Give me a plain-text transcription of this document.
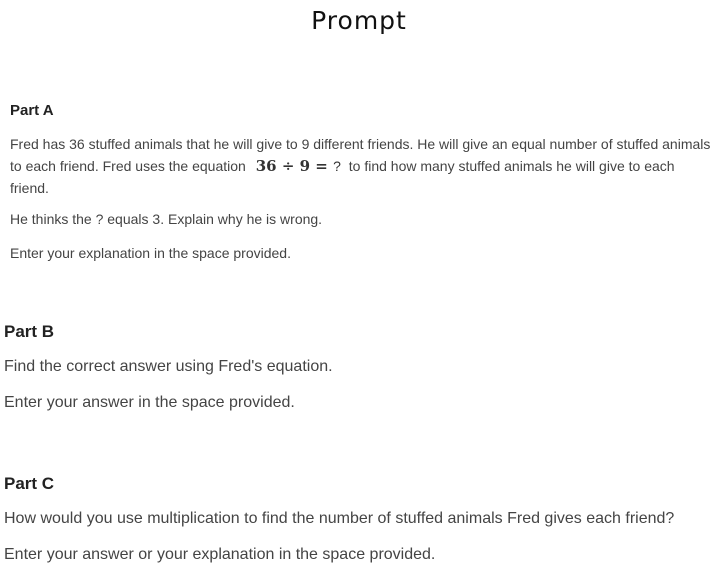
Prompt
Part A

Fred has 36 stuffed animals that he will give to 9 different friends. He will give an equal number of stuffed animals to each friend. Fred uses the equation 36 ÷ 9 = ? to find how many stuffed animals he will give to each friend.

He thinks the ? equals 3. Explain why he is wrong.

Enter your explanation in the space provided.

Part B

Find the correct answer using Fred's equation.

Enter your answer in the space provided.

Part C

How would you use multiplication to find the number of stuffed animals Fred gives each friend?

Enter your answer or your explanation in the space provided.
